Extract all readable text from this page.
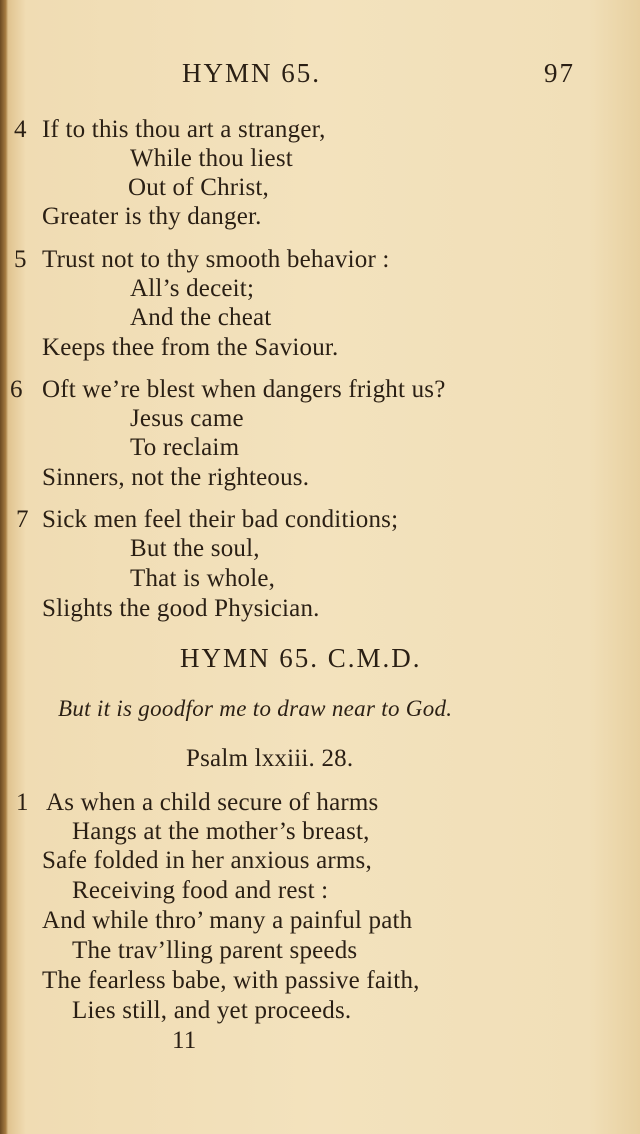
HYMN 65.	97
4 If to this thou art a stranger,
While thou liest
Out of Christ,
Greater is thy danger.
5 Trust not to thy smooth behavior :
All’s deceit;
And the cheat
Keeps thee from the Saviour.
6 Oft we’re blest when dangers fright us?
Jesus came
To reclaim
Sinners, not the righteous.
7 Sick men feel their bad conditions;
But the soul,
That is whole,
Slights the good Physician.
HYMN 65. C.M.D.
But it is goodfor me to draw near to God.
Psalm lxxiii. 28.
1 As when a child secure of harms
Hangs at the mother’s breast,
Safe folded in her anxious arms,
Receiving food and rest :
And while thro’ many a painful path
The trav’lling parent speeds
The fearless babe, with passive faith,
Lies still, and yet proceeds.
11
